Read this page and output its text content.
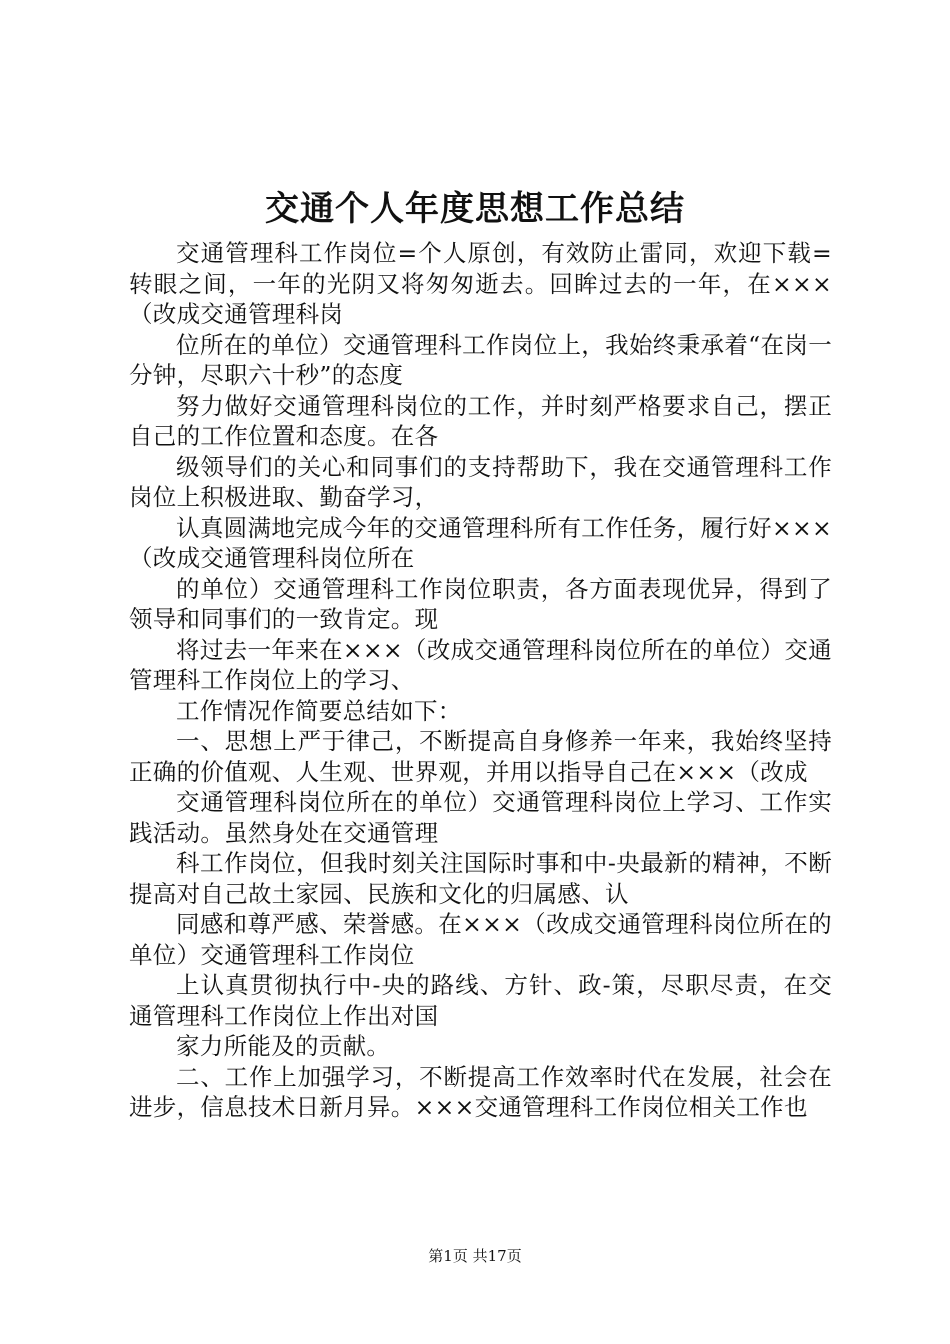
交通个人年度思想工作总结

交通管理科工作岗位=个人原创，有效防止雷同，欢迎下载=转眼之间，一年的光阴又将匆匆逝去。回眸过去的一年，在×××（改成交通管理科岗

位所在的单位）交通管理科工作岗位上，我始终秉承着“在岗一分钟，尽职六十秒”的态度

努力做好交通管理科岗位的工作，并时刻严格要求自己，摆正自己的工作位置和态度。在各

级领导们的关心和同事们的支持帮助下，我在交通管理科工作岗位上积极进取、勤奋学习，

认真圆满地完成今年的交通管理科所有工作任务，履行好×××（改成交通管理科岗位所在

的单位）交通管理科工作岗位职责，各方面表现优异，得到了领导和同事们的一致肯定。现

将过去一年来在×××（改成交通管理科岗位所在的单位）交通管理科工作岗位上的学习、

工作情况作简要总结如下：

一、思想上严于律己，不断提高自身修养一年来，我始终坚持正确的价值观、人生观、世界观，并用以指导自己在×××（改成

交通管理科岗位所在的单位）交通管理科岗位上学习、工作实践活动。虽然身处在交通管理

科工作岗位，但我时刻关注国际时事和中-央最新的精神，不断提高对自己故土家园、民族和文化的归属感、认

同感和尊严感、荣誉感。在×××（改成交通管理科岗位所在的单位）交通管理科工作岗位

上认真贯彻执行中-央的路线、方针、政-策，尽职尽责，在交通管理科工作岗位上作出对国

家力所能及的贡献。

二、工作上加强学习，不断提高工作效率时代在发展，社会在进步，信息技术日新月异。×××交通管理科工作岗位相关工作也

第1页 共17页
